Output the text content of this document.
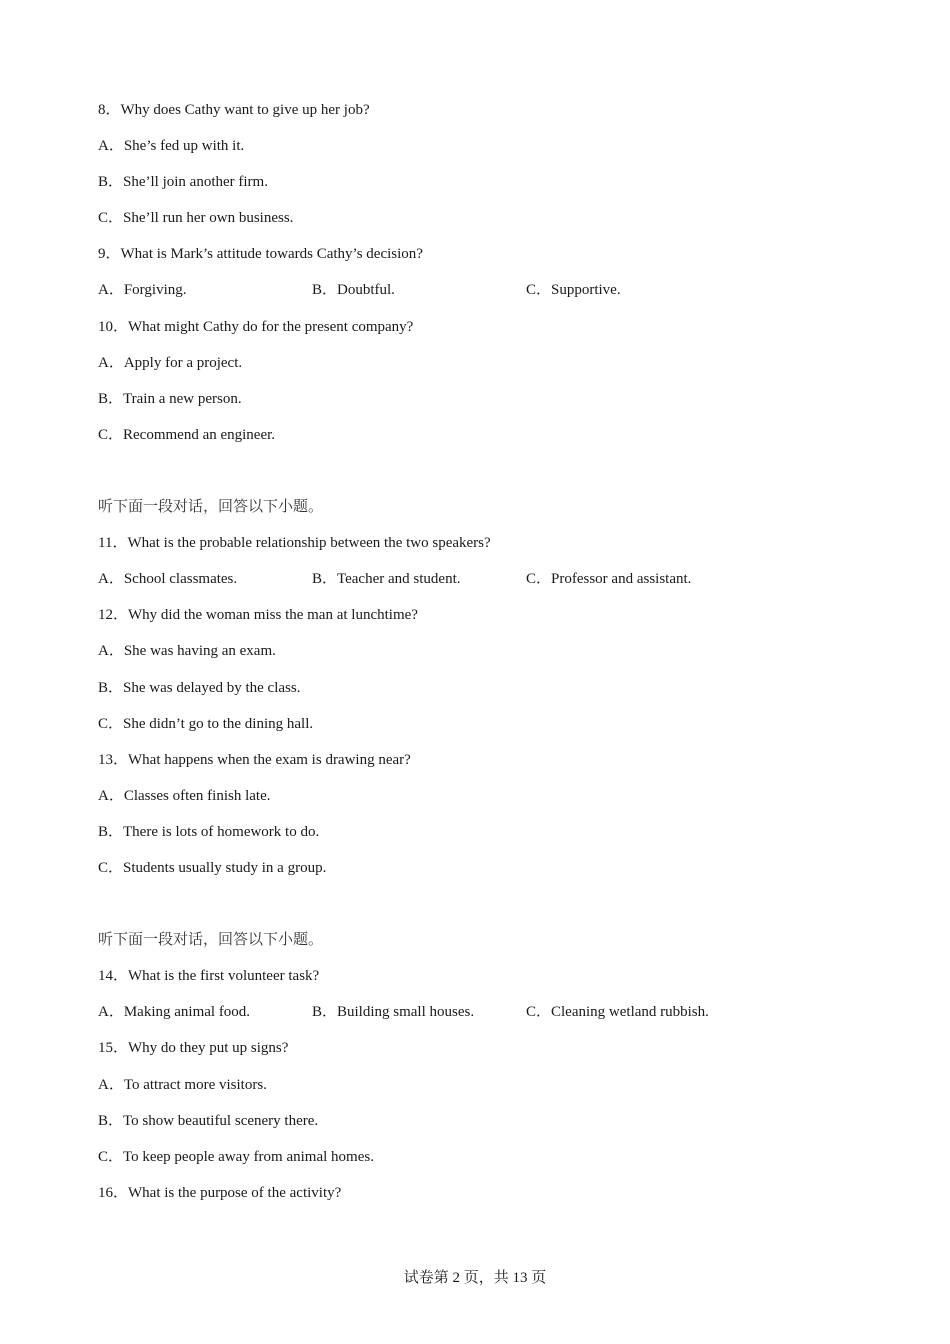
8．Why does Cathy want to give up her job?
A．She’s fed up with it.
B．She’ll join another firm.
C．She’ll run her own business.
9．What is Mark’s attitude towards Cathy’s decision?
A．Forgiving.	B．Doubtful.	C．Supportive.
10．What might Cathy do for the present company?
A．Apply for a project.
B．Train a new person.
C．Recommend an engineer.
听下面一段对话，回答以下小题。
11．What is the probable relationship between the two speakers?
A．School classmates.	B．Teacher and student.	C．Professor and assistant.
12．Why did the woman miss the man at lunchtime?
A．She was having an exam.
B．She was delayed by the class.
C．She didn’t go to the dining hall.
13．What happens when the exam is drawing near?
A．Classes often finish late.
B．There is lots of homework to do.
C．Students usually study in a group.
听下面一段对话，回答以下小题。
14．What is the first volunteer task?
A．Making animal food.	B．Building small houses.	C．Cleaning wetland rubbish.
15．Why do they put up signs?
A．To attract more visitors.
B．To show beautiful scenery there.
C．To keep people away from animal homes.
16．What is the purpose of the activity?
试卷第 2 页，共 13 页
